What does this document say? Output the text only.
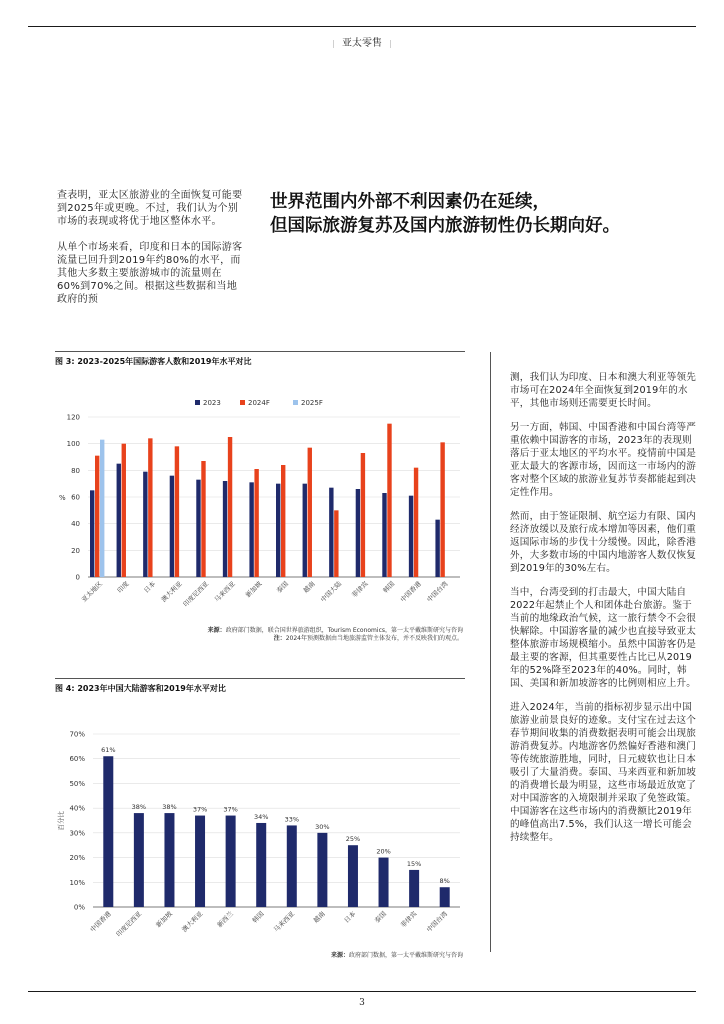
| 亚太零售 |

查表明，亚太区旅游业的全面恢复可能要到2025年或更晚。不过，我们认为个别市场的表现或将优于地区整体水平。

从单个市场来看，印度和日本的国际游客流量已回升到2019年约80%的水平，而其他大多数主要旅游城市的流量则在60%到70%之间。根据这些数据和当地政府的预

世界范围内外部不利因素仍在延续，
但国际旅游复苏及国内旅游韧性仍长期向好。
图 3: 2023-2025年国际游客人数和2019年水平对比
0
20
40
60
80
100
120
%
2023	2024F	2025F
亚太地区 印度 日本 澳大利亚
印度尼西亚 马来西亚 新加坡 泰国 越南 中国大陆 菲律宾 韩国 中国香港 中国台湾
来源：政府部门数据，联合国世界旅游组织，Tourism Economics，第一太平戴维斯研究与咨询
注：2024年预测数据由当地旅游监管主体发布，并不反映我们的观点。
图 4: 2023年中国大陆游客和2019年水平对比
0%
10%
20%
30%
40%
50%
60%
70%
百分比
61%
中国香港
38%
印度尼西亚
38%
新加坡
37%
澳大利亚
37%
新西兰
34%
韩国
33%
马来西亚
30%
越南
25%
日本
20%
泰国
15%
菲律宾
8%
中国台湾
来源：政府部门数据，第一太平戴维斯研究与咨询

测，我们认为印度、日本和澳大利亚等领先市场可在2024年全面恢复到2019年的水平，其他市场则还需要更长时间。

另一方面，韩国、中国香港和中国台湾等严重依赖中国游客的市场，2023年的表现则落后于亚太地区的平均水平。疫情前中国是亚太最大的客源市场，因而这一市场内的游客对整个区域的旅游业复苏节奏都能起到决定性作用。

然而，由于签证限制、航空运力有限、国内经济放缓以及旅行成本增加等因素，他们重返国际市场的步伐十分缓慢。因此，除香港外，大多数市场的中国内地游客人数仅恢复到2019年的30%左右。

当中，台湾受到的打击最大，中国大陆自2022年起禁止个人和团体赴台旅游。鉴于当前的地缘政治气候，这一旅行禁令不会很快解除。中国游客量的减少也直接导致亚太整体旅游市场规模缩小。虽然中国游客仍是最主要的客源，但其重要性占比已从2019年的52%降至2023年的40%。同时，韩国、美国和新加坡游客的比例则相应上升。

进入2024年，当前的指标初步显示出中国旅游业前景良好的迹象。支付宝在过去这个春节期间收集的消费数据表明可能会出现旅游消费复苏。内地游客仍然偏好香港和澳门等传统旅游胜地，同时，日元疲软也让日本吸引了大量消费。泰国、马来西亚和新加坡的消费增长最为明显，这些市场最近放宽了对中国游客的入境限制并采取了免签政策。中国游客在这些市场内的消费额比2019年的峰值高出7.5%，我们认这一增长可能会持续整年。

3
